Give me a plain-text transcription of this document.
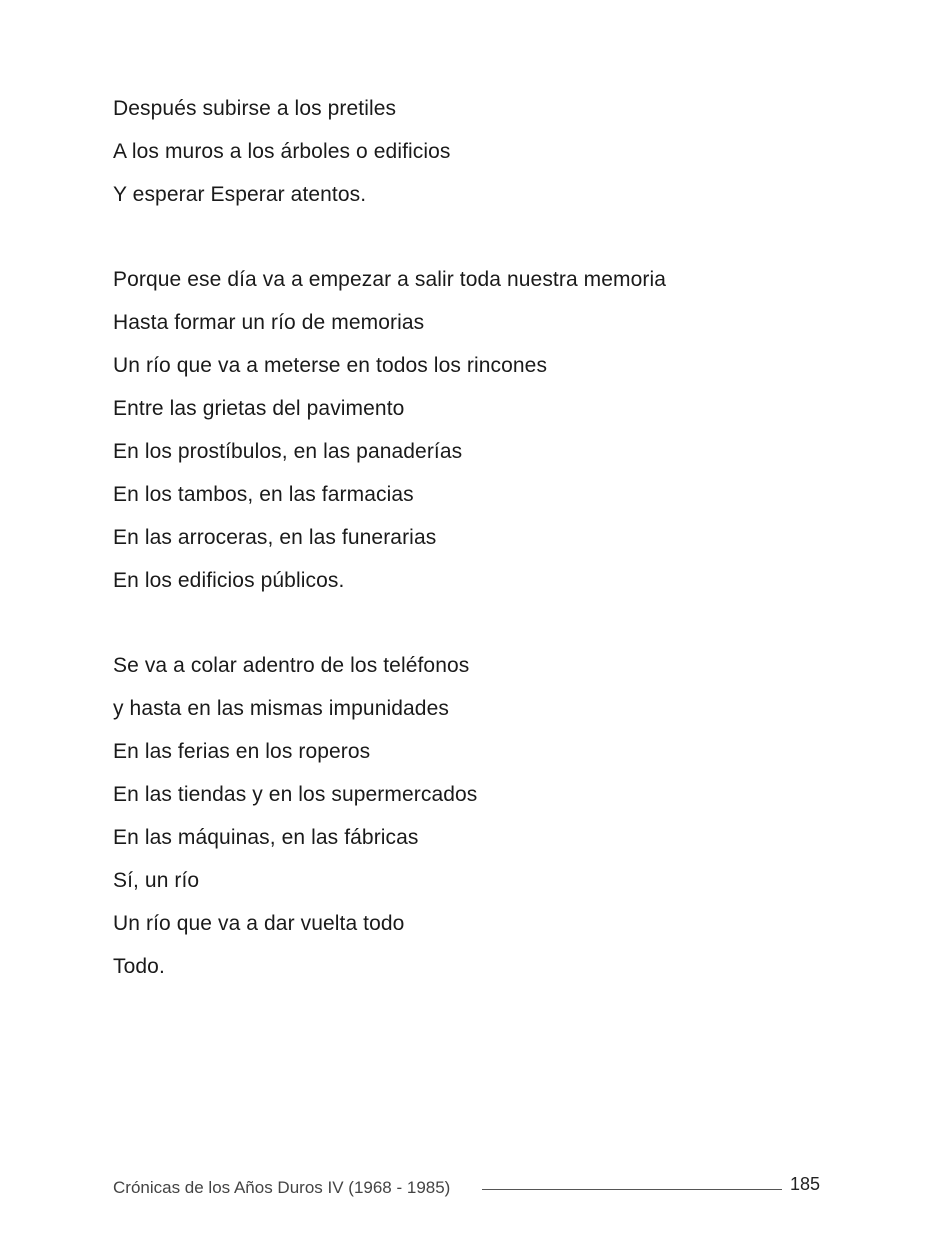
Después subirse a los pretiles
A los muros a los árboles o edificios
Y esperar Esperar atentos.
Porque ese día va a empezar a salir toda nuestra memoria
Hasta formar un río de memorias
Un río que va a meterse en todos los rincones
Entre las grietas del pavimento
En los prostíbulos, en las panaderías
En los tambos, en las farmacias
En las arroceras, en las funerarias
En los edificios públicos.
Se va a colar adentro de los teléfonos
y hasta en las mismas impunidades
En las ferias en los roperos
En las tiendas y en los supermercados
En las máquinas, en las fábricas
Sí, un río
Un río que va a dar vuelta todo
Todo.
Crónicas de los Años Duros IV (1968 - 1985)	185
